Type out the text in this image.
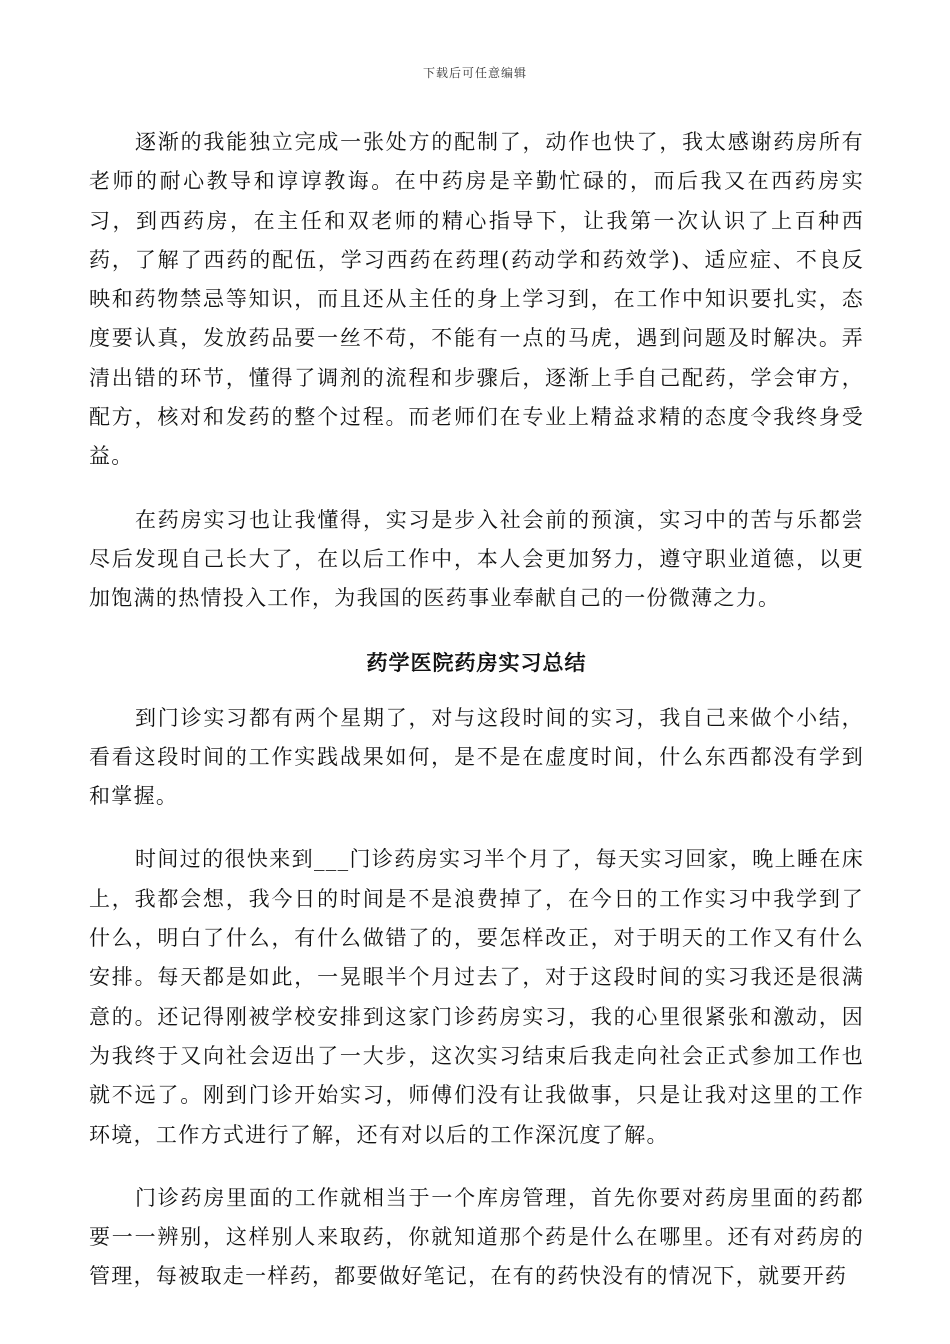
下载后可任意编辑

逐渐的我能独立完成一张处方的配制了，动作也快了，我太感谢药房所有老师的耐心教导和谆谆教诲。在中药房是辛勤忙碌的，而后我又在西药房实习，到西药房，在主任和双老师的精心指导下，让我第一次认识了上百种西药，了解了西药的配伍，学习西药在药理(药动学和药效学)、适应症、不良反映和药物禁忌等知识，而且还从主任的身上学习到，在工作中知识要扎实，态度要认真，发放药品要一丝不苟，不能有一点的马虎，遇到问题及时解决。弄清出错的环节，懂得了调剂的流程和步骤后，逐渐上手自己配药，学会审方，配方，核对和发药的整个过程。而老师们在专业上精益求精的态度令我终身受益。

在药房实习也让我懂得，实习是步入社会前的预演，实习中的苦与乐都尝尽后发现自己长大了，在以后工作中，本人会更加努力，遵守职业道德，以更加饱满的热情投入工作，为我国的医药事业奉献自己的一份微薄之力。

药学医院药房实习总结

到门诊实习都有两个星期了，对与这段时间的实习，我自己来做个小结，看看这段时间的工作实践战果如何，是不是在虚度时间，什么东西都没有学到和掌握。

时间过的很快来到___门诊药房实习半个月了，每天实习回家，晚上睡在床上，我都会想，我今日的时间是不是浪费掉了，在今日的工作实习中我学到了什么，明白了什么，有什么做错了的，要怎样改正，对于明天的工作又有什么安排。每天都是如此，一晃眼半个月过去了，对于这段时间的实习我还是很满意的。还记得刚被学校安排到这家门诊药房实习，我的心里很紧张和激动，因为我终于又向社会迈出了一大步，这次实习结束后我走向社会正式参加工作也就不远了。刚到门诊开始实习，师傅们没有让我做事，只是让我对这里的工作环境，工作方式进行了解，还有对以后的工作深沉度了解。

门诊药房里面的工作就相当于一个库房管理，首先你要对药房里面的药都要一一辨别，这样别人来取药，你就知道那个药是什么在哪里。还有对药房的管理，每被取走一样药，都要做好笔记，在有的药快没有的情况下，就要开药
